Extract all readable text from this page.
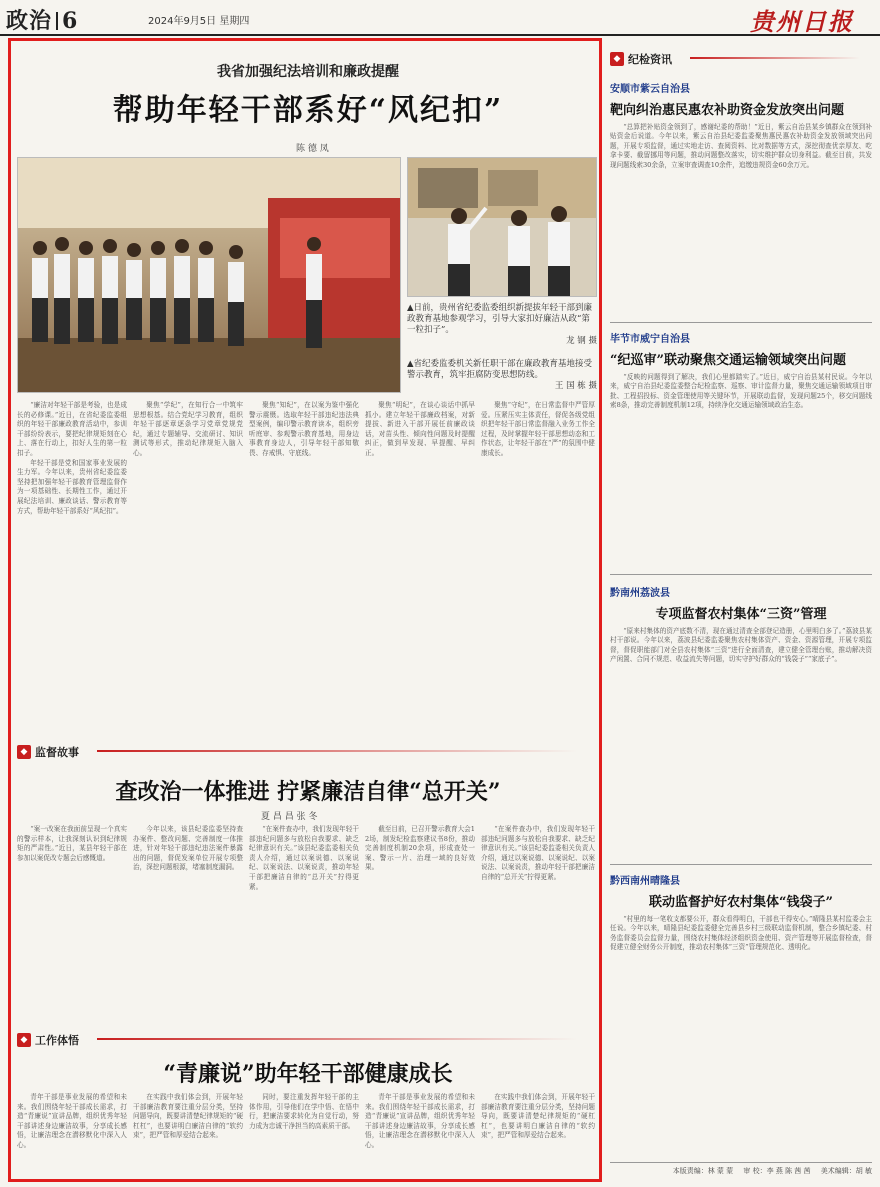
政治 6	2024年9月5日 星期四	贵州日报
我省加强纪法培训和廉政提醒
帮助年轻干部系好“风纪扣”
陈 德 凤
▲日前，贵州省纪委监委组织新提拔年轻干部到廉政教育基地参观学习，引导大家扣好廉洁从政“第一粒扣子”。
龙 钢 摄
▲省纪委监委机关新任职干部在廉政教育基地接受警示教育，筑牢拒腐防变思想防线。
王 国 栋 摄

“廉洁对年轻干部是考验，也是成长的必修课。”近日，在省纪委监委组织的年轻干部廉政教育活动中，参训干部纷纷表示，要把纪律规矩刻在心上、落在行动上，扣好人生的第一粒扣子。

年轻干部是党和国家事业发展的生力军。今年以来，贵州省纪委监委坚持把加强年轻干部教育管理监督作为一项基础性、长期性工作，通过开展纪法培训、廉政谈话、警示教育等方式，帮助年轻干部系好“风纪扣”。

聚焦“学纪”，在知行合一中筑牢思想根基。结合党纪学习教育，组织年轻干部逐章逐条学习党章党规党纪，通过专题辅导、交流研讨、知识测试等形式，推动纪律规矩入脑入心。

聚焦“知纪”，在以案为鉴中强化警示震慑。选取年轻干部违纪违法典型案例，编印警示教育读本，组织旁听庭审、参观警示教育基地，用身边事教育身边人，引导年轻干部知敬畏、存戒惧、守底线。

聚焦“明纪”，在谈心谈话中抓早抓小。建立年轻干部廉政档案，对新提拔、新进入干部开展任前廉政谈话，对苗头性、倾向性问题及时提醒纠正，做到早发现、早提醒、早纠正。

聚焦“守纪”，在日常监督中严管厚爱。压紧压实主体责任，督促各级党组织把年轻干部日常监督融入业务工作全过程，及时掌握年轻干部思想动态和工作状态，让年轻干部在“严”的氛围中健康成长。

◆ 监督故事
查改治一体推进 拧紧廉洁自律“总开关”
夏 昌 昌 张 冬

“案一改案在我面前呈现一个真实的警示样本，让我深刻认识到纪律规矩的严肃性。”近日，某县年轻干部在参加以案促改专题会后感慨道。

今年以来，该县纪委监委坚持查办案件、整改问题、完善制度一体推进，针对年轻干部违纪违法案件暴露出的问题，督促发案单位开展专项整治，深挖问题根源，堵塞制度漏洞。

“在案件查办中，我们发现年轻干部违纪问题多与放松自我要求、缺乏纪律意识有关。”该县纪委监委相关负责人介绍，通过以案说德、以案说纪、以案说法、以案说责，推动年轻干部把廉洁自律的“总开关”拧得更紧。

截至目前，已召开警示教育大会12场，制发纪检监察建议书8份，推动完善制度机制20余项，形成查处一案、警示一片、治理一域的良好效果。

“在案件查办中，我们发现年轻干部违纪问题多与放松自我要求、缺乏纪律意识有关。”该县纪委监委相关负责人介绍，通过以案说德、以案说纪、以案说法、以案说责，推动年轻干部把廉洁自律的“总开关”拧得更紧。

◆ 工作体悟
“青廉说”助年轻干部健康成长

青年干部是事业发展的希望和未来。我们围绕年轻干部成长需求，打造“青廉说”宣讲品牌，组织优秀年轻干部讲述身边廉洁故事，分享成长感悟，让廉洁理念在潜移默化中深入人心。

在实践中我们体会到，开展年轻干部廉洁教育要注重分层分类，坚持问题导向，既要讲清楚纪律规矩的“硬杠杠”，也要讲明白廉洁自律的“软约束”，把严管和厚爱结合起来。

同时，要注重发挥年轻干部的主体作用，引导他们在学中悟、在悟中行，把廉洁要求转化为自觉行动，努力成为忠诚干净担当的高素质干部。

青年干部是事业发展的希望和未来。我们围绕年轻干部成长需求，打造“青廉说”宣讲品牌，组织优秀年轻干部讲述身边廉洁故事，分享成长感悟，让廉洁理念在潜移默化中深入人心。

在实践中我们体会到，开展年轻干部廉洁教育要注重分层分类，坚持问题导向，既要讲清楚纪律规矩的“硬杠杠”，也要讲明白廉洁自律的“软约束”，把严管和厚爱结合起来。

◆ 纪检资讯
安顺市紫云自治县
靶向纠治惠民惠农补助资金发放突出问题

“总算把补贴资金领到了，感谢纪委的帮助！”近日，紫云自治县某乡镇群众在领到补贴资金后说道。今年以来，紫云自治县纪委监委聚焦惠民惠农补助资金发放领域突出问题，开展专项监督，通过实地走访、查阅资料、比对数据等方式，深挖彻查优亲厚友、吃拿卡要、截留挪用等问题，推动问题整改落实，切实维护群众切身利益。截至目前，共发现问题线索30余条，立案审查调查10余件，追缴违规资金60余万元。

毕节市威宁自治县
“纪巡审”联动聚焦交通运输领域突出问题

“反映的问题得到了解决，我们心里都踏实了。”近日，威宁自治县某村民说。今年以来，威宁自治县纪委监委整合纪检监察、巡察、审计监督力量，聚焦交通运输领域项目审批、工程招投标、资金管理使用等关键环节，开展联动监督，发现问题25个，移交问题线索8条，推动完善制度机制12项，持续净化交通运输领域政治生态。

黔南州荔波县
专项监督农村集体“三资”管理

“原来村集体的资产底数不清，现在通过清查全部登记造册，心里明白多了。”荔波县某村干部说。今年以来，荔波县纪委监委聚焦农村集体资产、资金、资源管理，开展专项监督，督促职能部门对全县农村集体“三资”进行全面清查，建立健全管理台账，推动解决资产闲置、合同不规范、收益流失等问题，切实守护好群众的“钱袋子”“家底子”。

黔西南州晴隆县
联动监督护好农村集体“钱袋子”

“村里的每一笔收支都要公开，群众看得明白，干部也干得安心。”晴隆县某村监委会主任说。今年以来，晴隆县纪委监委健全完善县乡村三级联动监督机制，整合乡镇纪委、村务监督委员会监督力量，围绕农村集体经济组织资金使用、资产管理等开展监督检查，督促建立健全财务公开制度，推动农村集体“三资”管理规范化、透明化。

本版责编：林 蒙 蒙 审 校：李 燕 陈 茜 茜 美术编辑：胡 敏
